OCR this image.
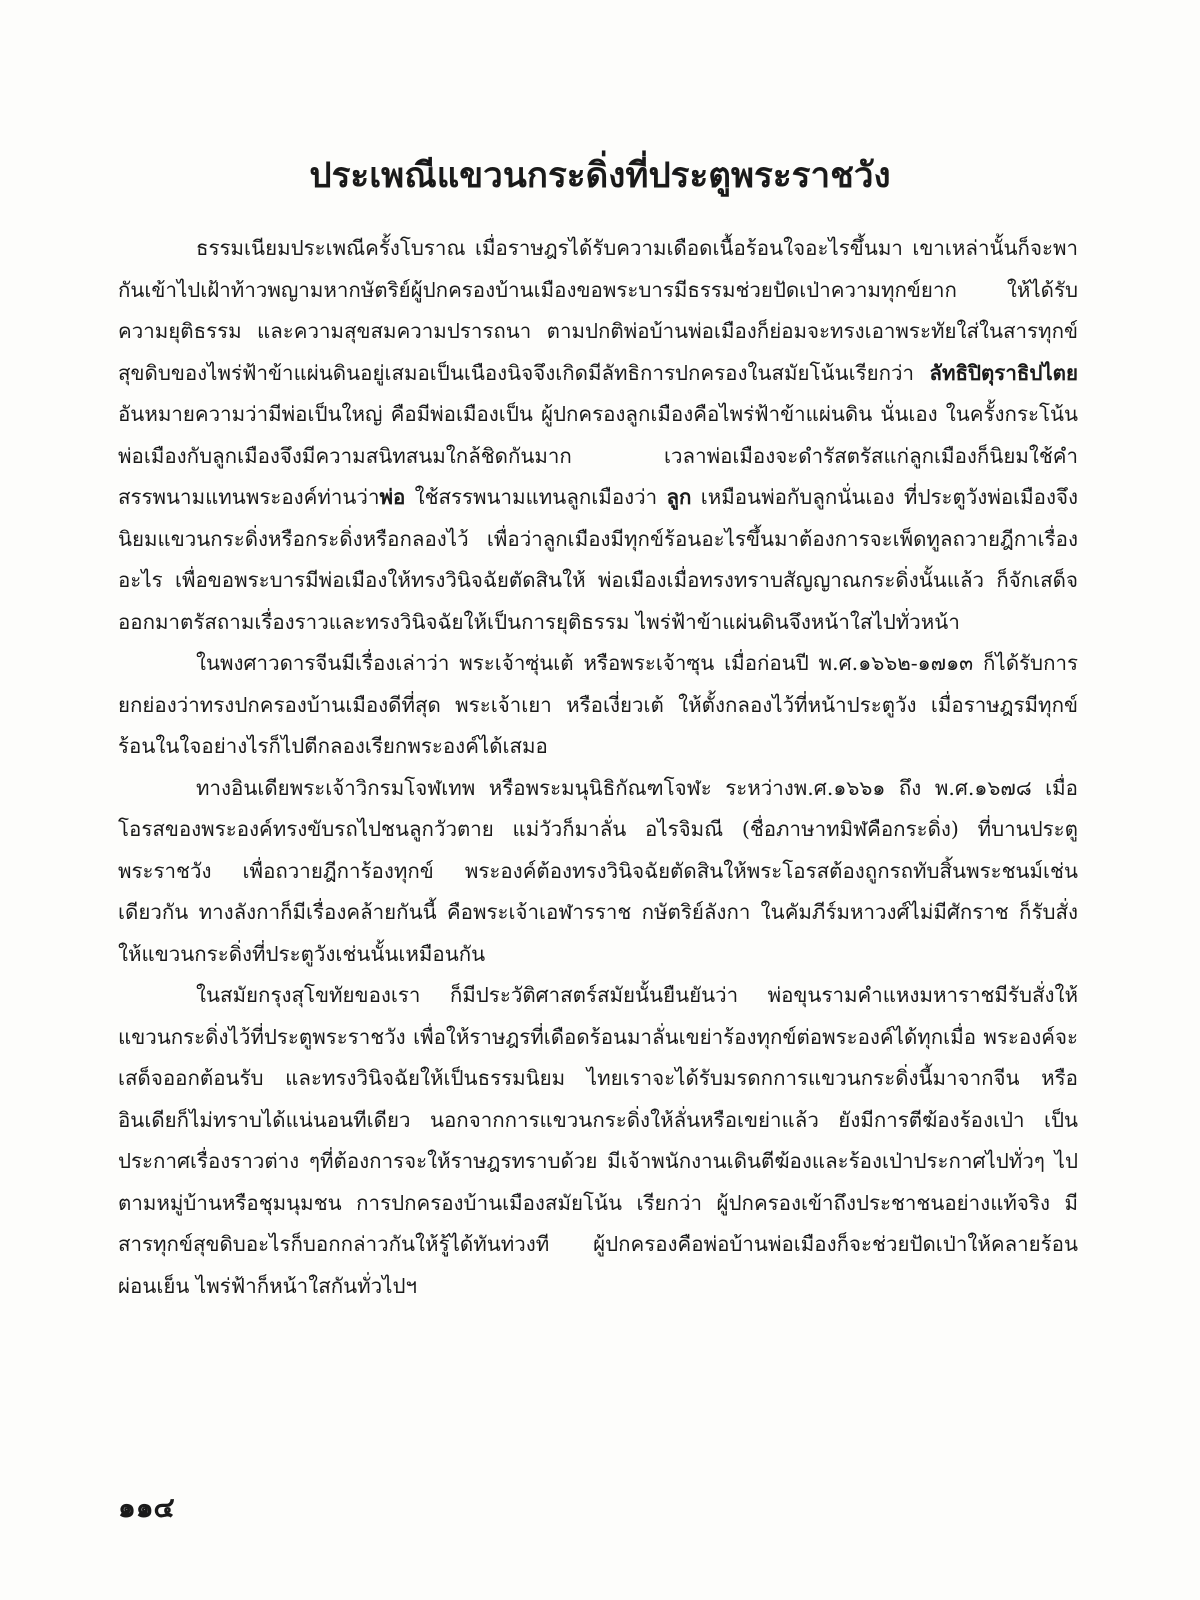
ประเพณีแขวนกระดิ่งที่ประตูพระราชวัง

ธรรมเนียมประเพณีครั้งโบราณ เมื่อราษฎรได้รับความเดือดเนื้อร้อนใจอะไรขึ้นมา เขาเหล่านั้นก็จะพากันเข้าไปเฝ้าท้าวพญามหากษัตริย์ผู้ปกครองบ้านเมืองขอพระบารมีธรรมช่วยปัดเป่าความทุกข์ยาก ให้ได้รับความยุติธรรม และความสุขสมความปรารถนา ตามปกติพ่อบ้านพ่อเมืองก็ย่อมจะทรงเอาพระทัยใส่ในสารทุกข์สุขดิบของไพร่ฟ้าข้าแผ่นดินอยู่เสมอเป็นเนืองนิจจึงเกิดมีลัทธิการปกครองในสมัยโน้นเรียกว่า ลัทธิปิตุราธิปไตย อันหมายความว่ามีพ่อเป็นใหญ่ คือมีพ่อเมืองเป็น ผู้ปกครองลูกเมืองคือไพร่ฟ้าข้าแผ่นดิน นั่นเอง ในครั้งกระโน้นพ่อเมืองกับลูกเมืองจึงมีความสนิทสนมใกล้ชิดกันมาก เวลาพ่อเมืองจะดำรัสตรัสแก่ลูกเมืองก็นิยมใช้คำสรรพนามแทนพระองค์ท่านว่าพ่อ ใช้สรรพนามแทนลูกเมืองว่า ลูก เหมือนพ่อกับลูกนั่นเอง ที่ประตูวังพ่อเมืองจึงนิยมแขวนกระดิ่งหรือกระดิ่งหรือกลองไว้ เพื่อว่าลูกเมืองมีทุกข์ร้อนอะไรขึ้นมาต้องการจะเพ็ดทูลถวายฎีกาเรื่องอะไร เพื่อขอพระบารมีพ่อเมืองให้ทรงวินิจฉัยตัดสินให้ พ่อเมืองเมื่อทรงทราบสัญญาณกระดิ่งนั้นแล้ว ก็จักเสด็จออกมาตรัสถามเรื่องราวและทรงวินิจฉัยให้เป็นการยุติธรรม ไพร่ฟ้าข้าแผ่นดินจึงหน้าใสไปทั่วหน้า

ในพงศาวดารจีนมีเรื่องเล่าว่า พระเจ้าซุ่นเต้ หรือพระเจ้าซุน เมื่อก่อนปี พ.ศ.๑๖๖๒-๑๗๑๓ ก็ได้รับการยกย่องว่าทรงปกครองบ้านเมืองดีที่สุด พระเจ้าเยา หรือเงี่ยวเต้ ให้ตั้งกลองไว้ที่หน้าประตูวัง เมื่อราษฎรมีทุกข์ร้อนในใจอย่างไรก็ไปตีกลองเรียกพระองค์ได้เสมอ

ทางอินเดียพระเจ้าวิกรมโจฬเทพ หรือพระมนุนิธิกัณฑโจฬะ ระหว่างพ.ศ.๑๖๖๑ ถึง พ.ศ.๑๖๗๘ เมื่อโอรสของพระองค์ทรงขับรถไปชนลูกวัวตาย แม่วัวก็มาลั่น อไรจิมณี (ชื่อภาษาทมิฬคือกระดิ่ง) ที่บานประตูพระราชวัง เพื่อถวายฎีการ้องทุกข์ พระองค์ต้องทรงวินิจฉัยตัดสินให้พระโอรสต้องถูกรถทับสิ้นพระชนม์เช่นเดียวกัน ทางลังกาก็มีเรื่องคล้ายกันนี้ คือพระเจ้าเอฬารราช กษัตริย์ลังกา ในคัมภีร์มหาวงศ์ไม่มีศักราช ก็รับสั่งให้แขวนกระดิ่งที่ประตูวังเช่นนั้นเหมือนกัน

ในสมัยกรุงสุโขทัยของเรา ก็มีประวัติศาสตร์สมัยนั้นยืนยันว่า พ่อขุนรามคำแหงมหาราชมีรับสั่งให้แขวนกระดิ่งไว้ที่ประตูพระราชวัง เพื่อให้ราษฎรที่เดือดร้อนมาลั่นเขย่าร้องทุกข์ต่อพระองค์ได้ทุกเมื่อ พระองค์จะเสด็จออกต้อนรับ และทรงวินิจฉัยให้เป็นธรรมนิยม ไทยเราจะได้รับมรดกการแขวนกระดิ่งนี้มาจากจีน หรืออินเดียก็ไม่ทราบได้แน่นอนทีเดียว นอกจากการแขวนกระดิ่งให้ลั่นหรือเขย่าแล้ว ยังมีการตีฆ้องร้องเป่า เป็นประกาศเรื่องราวต่าง ๆที่ต้องการจะให้ราษฎรทราบด้วย มีเจ้าพนักงานเดินตีฆ้องและร้องเป่าประกาศไปทั่วๆ ไปตามหมู่บ้านหรือชุมนุมชน การปกครองบ้านเมืองสมัยโน้น เรียกว่า ผู้ปกครองเข้าถึงประชาชนอย่างแท้จริง มีสารทุกข์สุขดิบอะไรก็บอกกล่าวกันให้รู้ได้ทันท่วงที ผู้ปกครองคือพ่อบ้านพ่อเมืองก็จะช่วยปัดเป่าให้คลายร้อนผ่อนเย็น ไพร่ฟ้าก็หน้าใสกันทั่วไปฯ

๑๑๔
